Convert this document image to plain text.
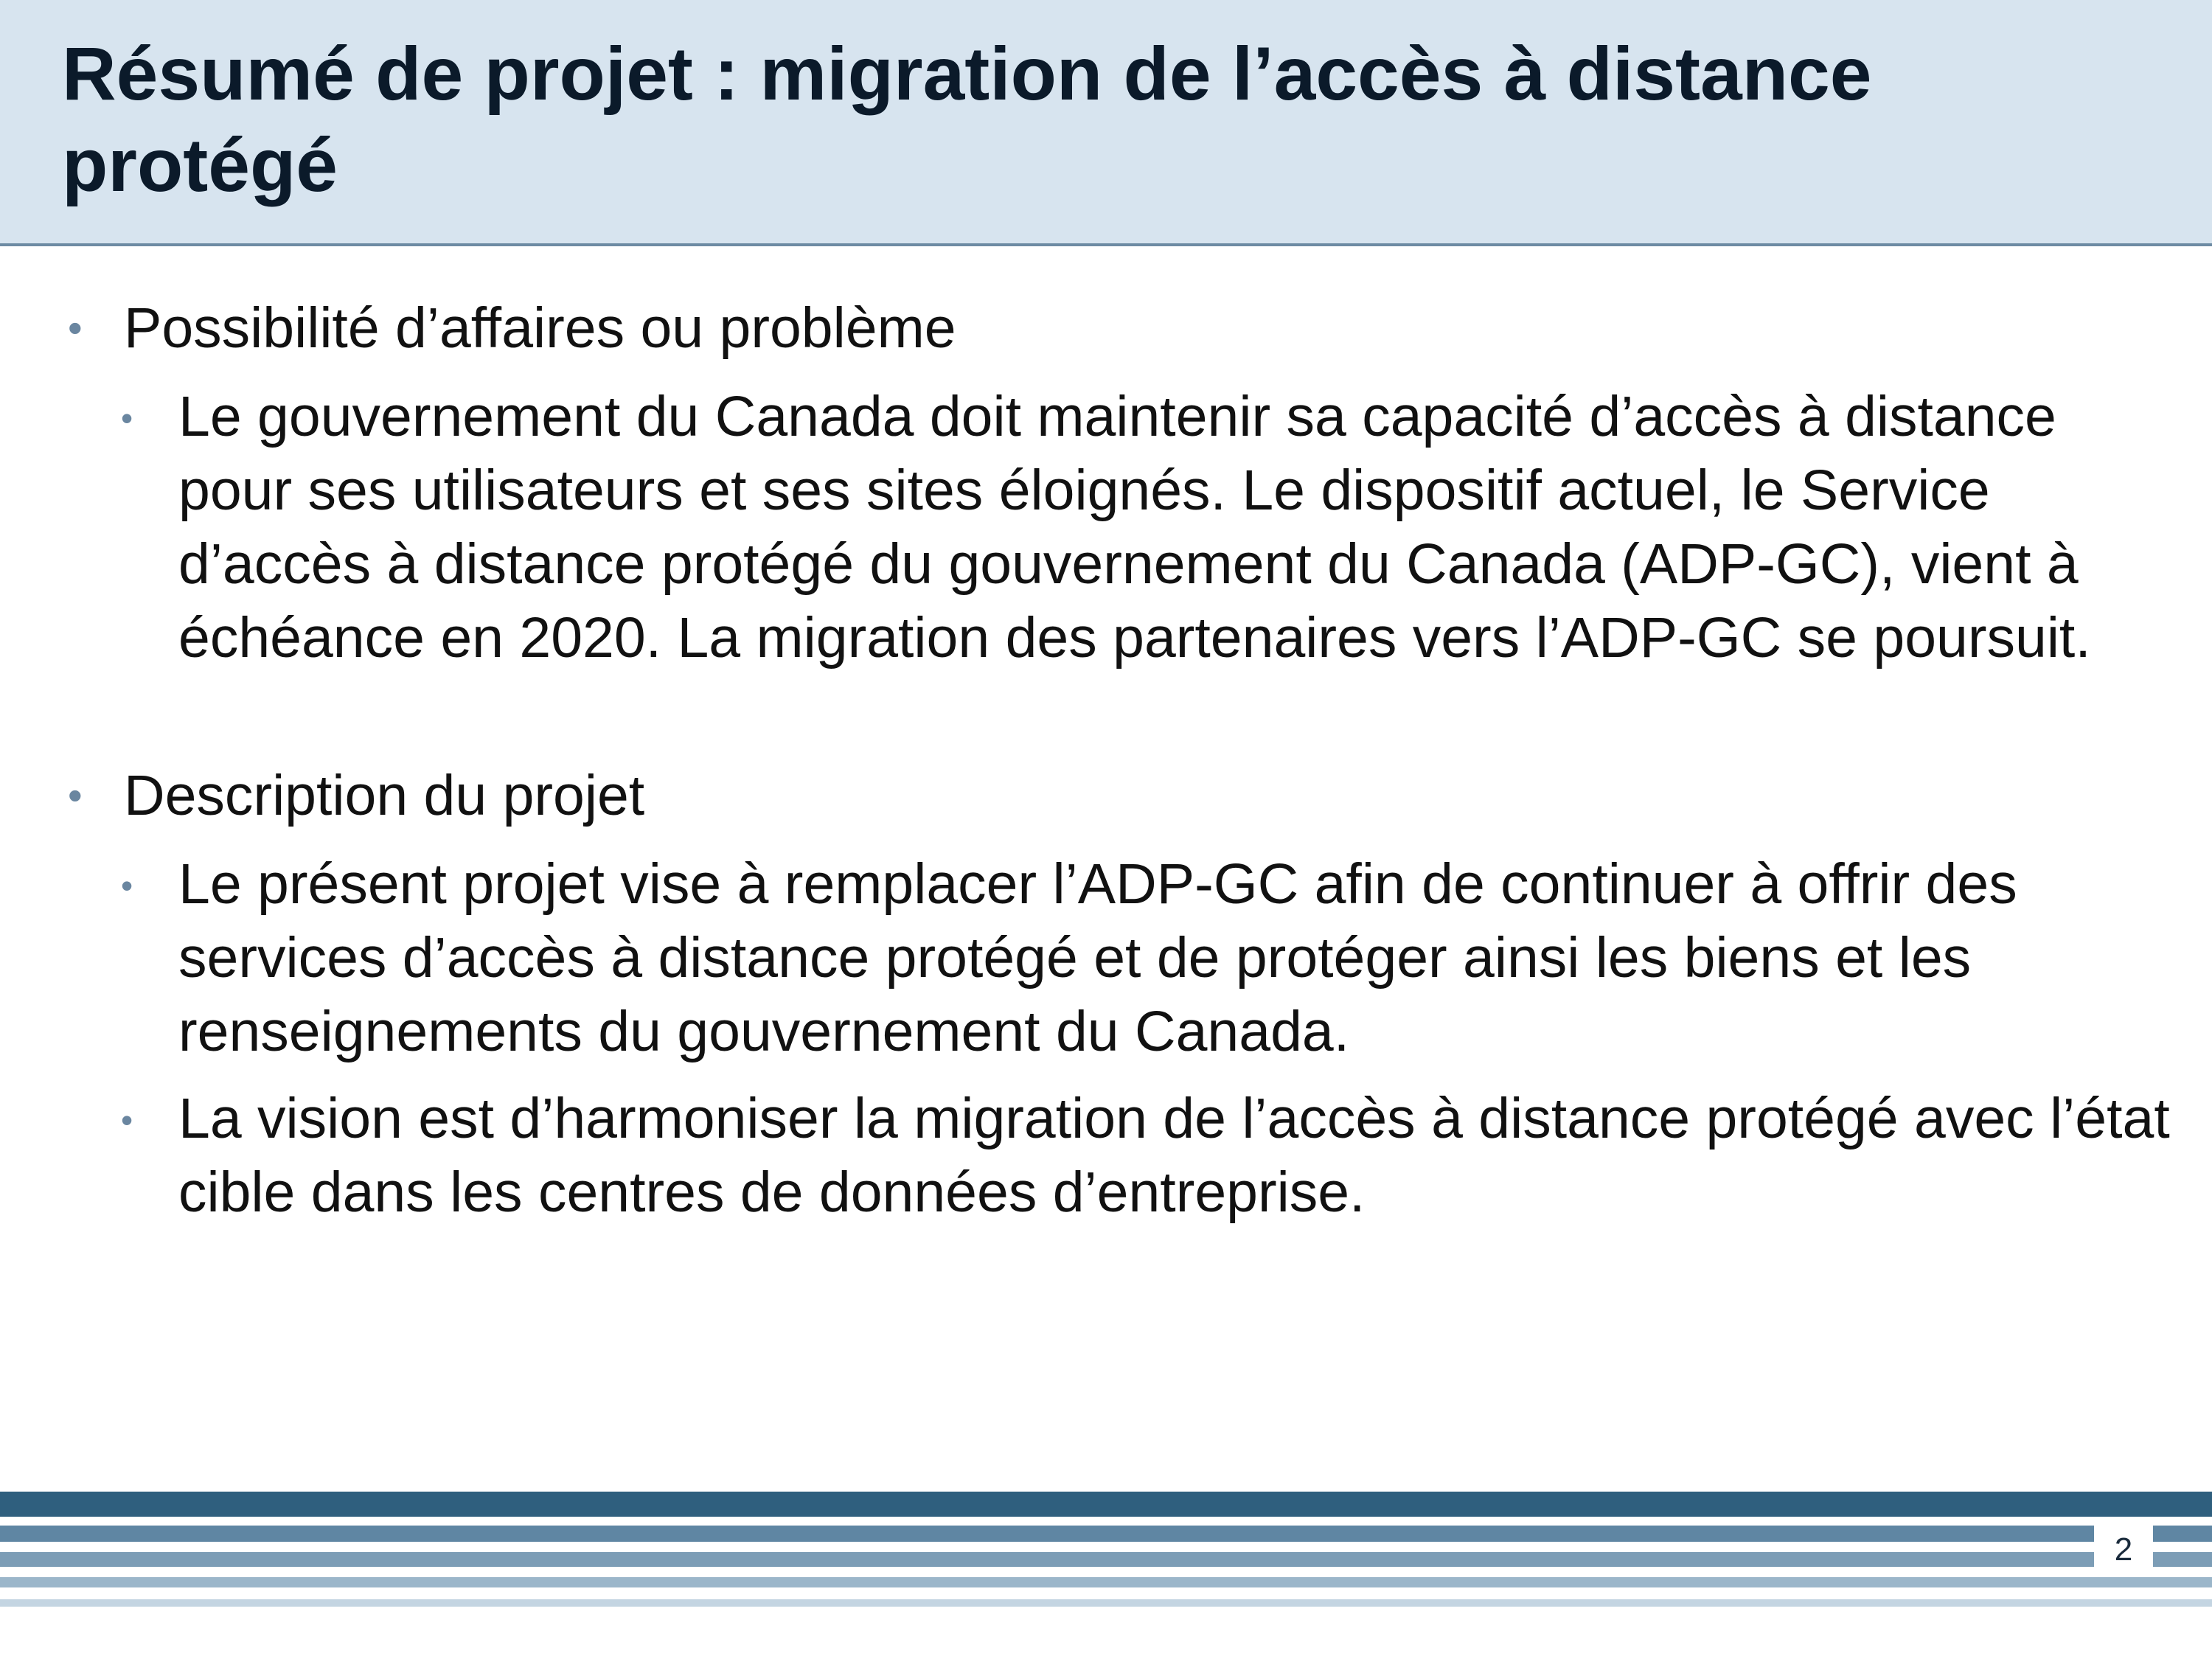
Résumé de projet : migration de l’accès à distance protégé
• Possibilité d’affaires ou problème
• Le gouvernement du Canada doit maintenir sa capacité d’accès à distance pour ses utilisateurs et ses sites éloignés. Le dispositif actuel, le Service d’accès à distance protégé du gouvernement du Canada (ADP-GC), vient à échéance en 2020. La migration des partenaires vers l’ADP-GC se poursuit.
• Description du projet
• Le présent projet vise à remplacer l’ADP-GC afin de continuer à offrir des services d’accès à distance protégé et de protéger ainsi les biens et les renseignements du gouvernement du Canada.
• La vision est d’harmoniser la migration de l’accès à distance protégé avec l’état cible dans les centres de données d’entreprise.
2
